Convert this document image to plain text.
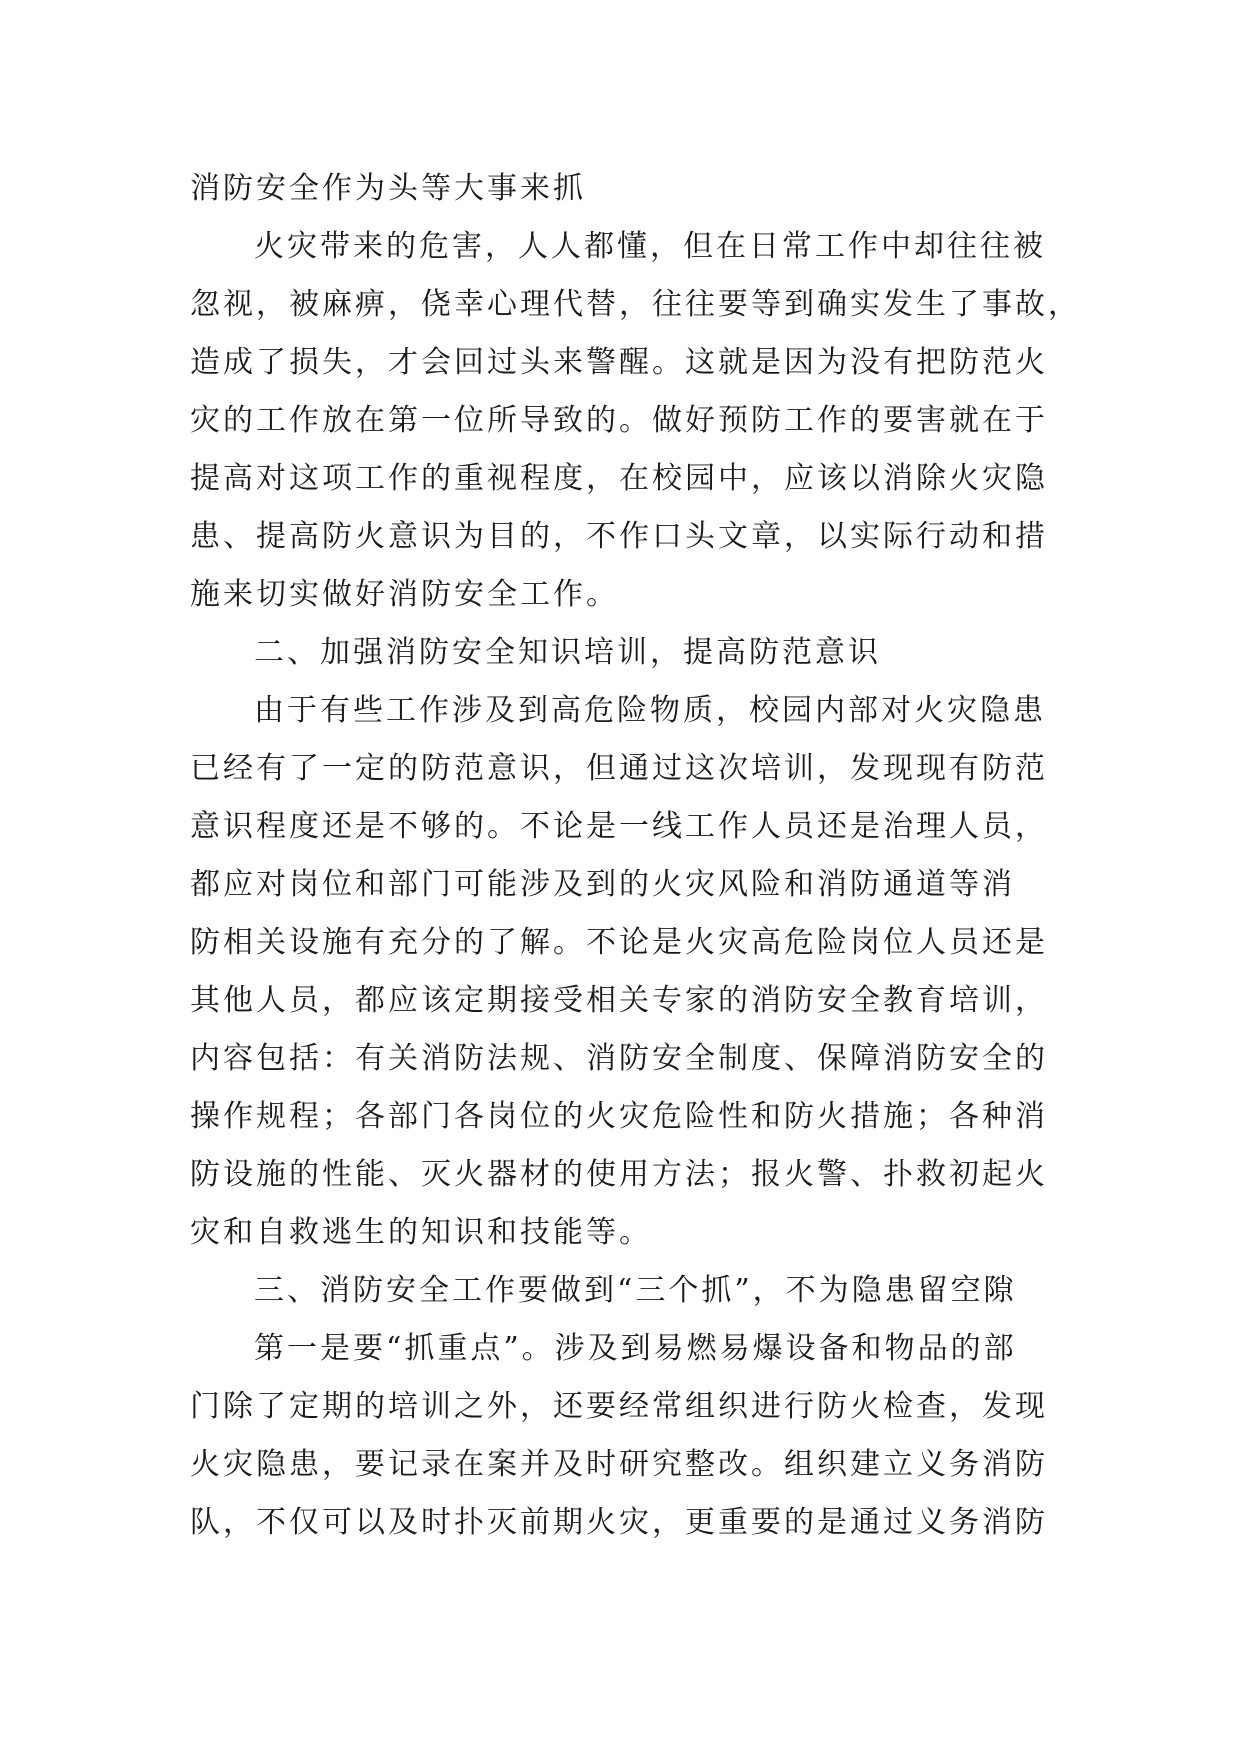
消防安全作为头等大事来抓
火灾带来的危害，人人都懂，但在日常工作中却往往被
忽视，被麻痹，侥幸心理代替，往往要等到确实发生了事故，
造成了损失，才会回过头来警醒。这就是因为没有把防范火
灾的工作放在第一位所导致的。做好预防工作的要害就在于
提高对这项工作的重视程度，在校园中，应该以消除火灾隐
患、提高防火意识为目的，不作口头文章，以实际行动和措
施来切实做好消防安全工作。
二、加强消防安全知识培训，提高防范意识
由于有些工作涉及到高危险物质，校园内部对火灾隐患
已经有了一定的防范意识，但通过这次培训，发现现有防范
意识程度还是不够的。不论是一线工作人员还是治理人员，
都应对岗位和部门可能涉及到的火灾风险和消防通道等消
防相关设施有充分的了解。不论是火灾高危险岗位人员还是
其他人员，都应该定期接受相关专家的消防安全教育培训，
内容包括：有关消防法规、消防安全制度、保障消防安全的
操作规程；各部门各岗位的火灾危险性和防火措施；各种消
防设施的性能、灭火器材的使用方法；报火警、扑救初起火
灾和自救逃生的知识和技能等。
三、消防安全工作要做到“三个抓”，不为隐患留空隙
第一是要“抓重点”。涉及到易燃易爆设备和物品的部
门除了定期的培训之外，还要经常组织进行防火检查，发现
火灾隐患，要记录在案并及时研究整改。组织建立义务消防
队，不仅可以及时扑灭前期火灾，更重要的是通过义务消防
